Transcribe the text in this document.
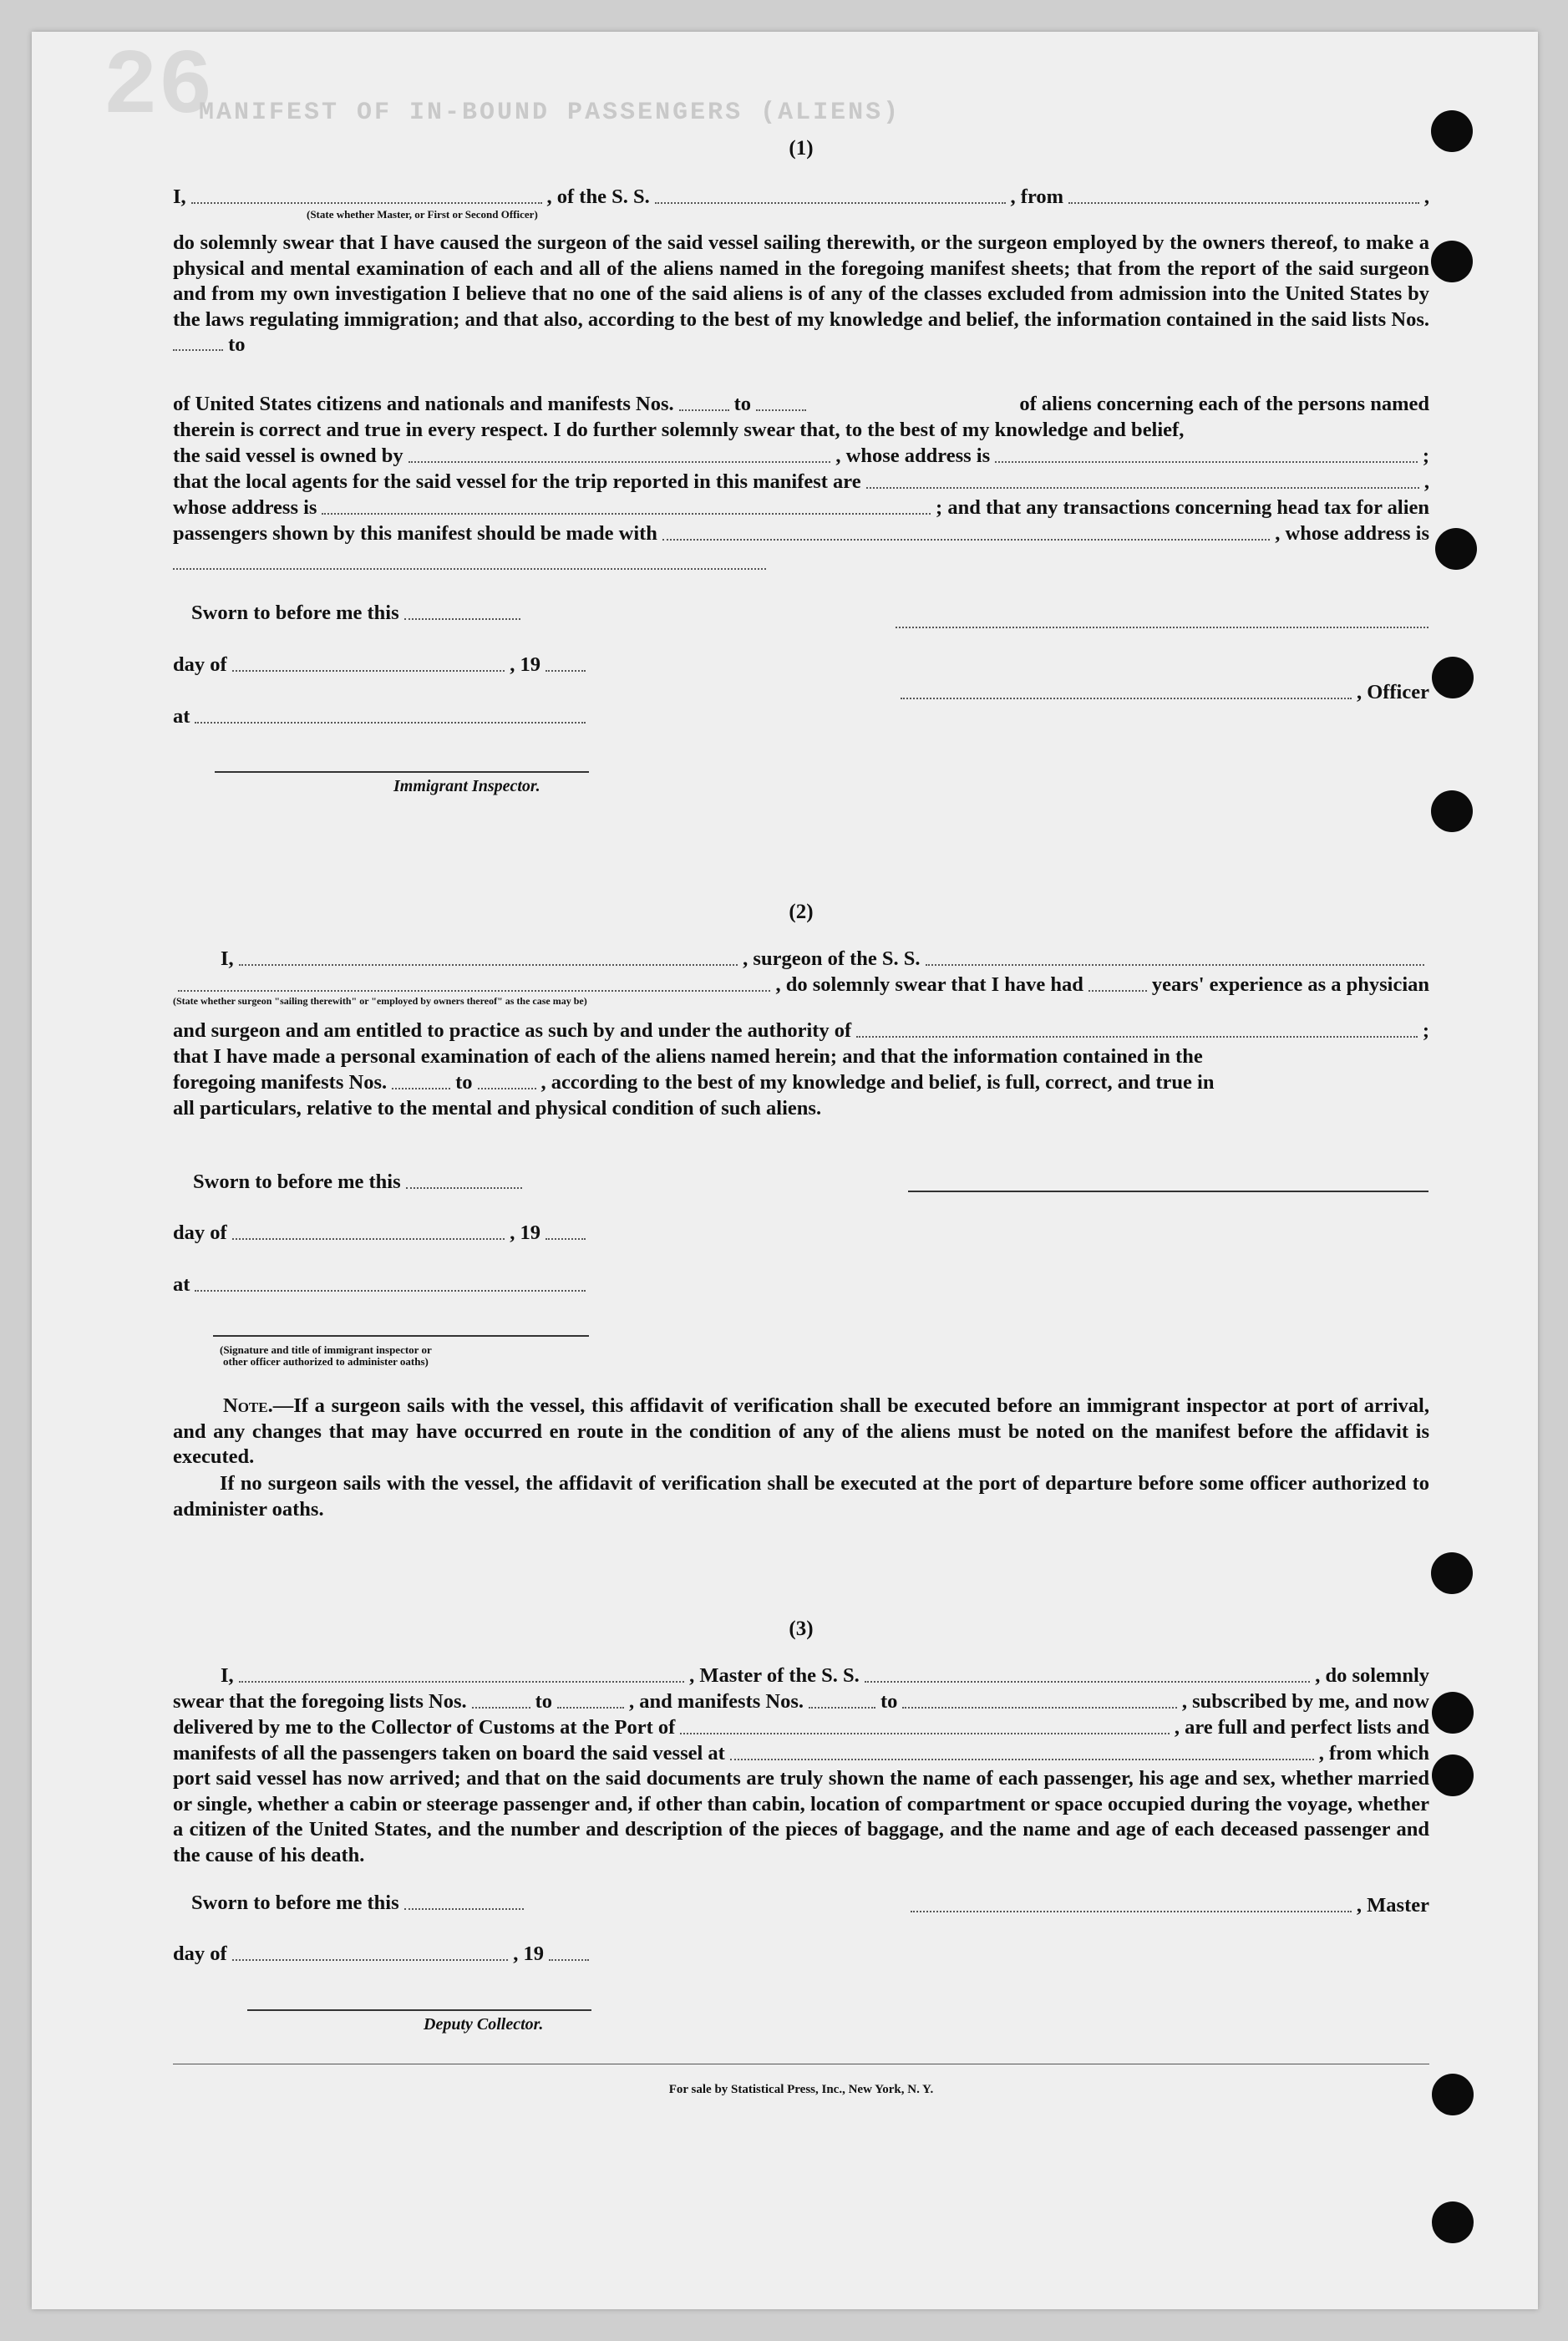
26
MANIFEST OF IN-BOUND PASSENGERS (ALIENS)
(1)
I,	, of the S. S.	, from	,
(State whether Master, or First or Second Officer)
do solemnly swear that I have caused the surgeon of the said vessel sailing therewith, or the surgeon employed by the owners thereof, to make a physical and mental examination of each and all of the aliens named in the foregoing manifest sheets; that from the report of the said surgeon and from my own investigation I believe that no one of the said aliens is of any of the classes excluded from admission into the United States by the laws regulating immigration; and that also, according to the best of my knowledge and belief, the information contained in the said lists Nos.  to
of United States citizens and nationals and manifests Nos.	to	of aliens concerning each of the persons named
therein is correct and true in every respect. I do further solemnly swear that, to the best of my knowledge and belief,
the said vessel is owned by	, whose address is	;
that the local agents for the said vessel for the trip reported in this manifest are	,
whose address is	; and that any transactions concerning head tax for alien
passengers shown by this manifest should be made with	, whose address is
Sworn to before me this
day of	, 19
, Officer
at
Immigrant Inspector.
(2)
I,	, surgeon of the S. S.
, do solemnly swear that I have had	years' experience as a physician
(State whether surgeon "sailing therewith" or "employed by owners thereof" as the case may be)
and surgeon and am entitled to practice as such by and under the authority of	;
that I have made a personal examination of each of the aliens named herein; and that the information contained in the
foregoing manifests Nos.	to	, according to the best of my knowledge and belief, is full, correct, and true in
all particulars, relative to the mental and physical condition of such aliens.
Sworn to before me this
day of	, 19
at
(Signature and title of immigrant inspector or
other officer authorized to administer oaths)
Note.—If a surgeon sails with the vessel, this affidavit of verification shall be executed before an immigrant inspector at port of arrival, and any changes that may have occurred en route in the condition of any of the aliens must be noted on the manifest before the affidavit is executed.
If no surgeon sails with the vessel, the affidavit of verification shall be executed at the port of departure before some officer authorized to administer oaths.
(3)
I,	, Master of the S. S.	, do solemnly
swear that the foregoing lists Nos.	to	, and manifests Nos.	to	, subscribed by me, and now
delivered by me to the Collector of Customs at the Port of	, are full and perfect lists and
manifests of all the passengers taken on board the said vessel at	, from which
port said vessel has now arrived; and that on the said documents are truly shown the name of each passenger, his age and sex, whether married or single, whether a cabin or steerage passenger and, if other than cabin, location of compartment or space occupied during the voyage, whether a citizen of the United States, and the number and description of the pieces of baggage, and the name and age of each deceased passenger and the cause of his death.
Sworn to before me this	, Master
day of	, 19
Deputy Collector.
For sale by Statistical Press, Inc., New York, N. Y.
